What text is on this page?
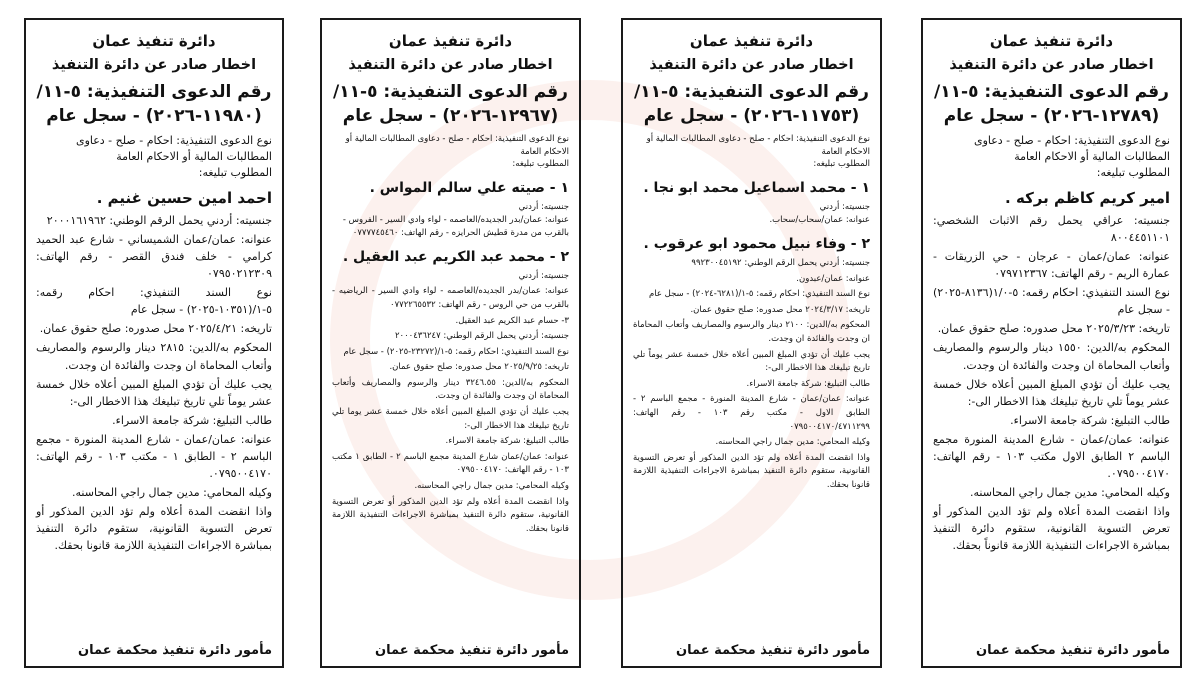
دائرة تنفيذ عمان
اخطار صادر عن دائرة التنفيذ
رقم الدعوى التنفيذية: ٥-١١/
(١٢٧٨٩-٢٠٢٦) - سجل عام

نوع الدعوى التنفيذية: احكام - صلح - دعاوى المطالبات المالية أو الاحكام العامة

المطلوب تبليغه:

امير كريم كاظم بركه .

جنسيته: عراقي يحمل رقم الاثبات الشخصي: ٨٠٠٤٤٥١١٠١

عنوانه: عمان/عمان - عرجان - حي الزريقات - عمارة الريم - رقم الهاتف: ٠٧٩٧١٢٣٦٧

نوع السند التنفيذي: احكام رقمه: ٥-١/٠(٨١٣٦-٢٠٢٥) - سجل عام

تاريخه: ٢٠٢٥/٣/٢٣ محل صدوره: صلح حقوق عمان.

المحكوم به/الدين: ١٥٥٠ دينار والرسوم والمصاريف وأتعاب المحاماة ان وجدت والفائدة ان وجدت.

يجب عليك أن تؤدي المبلغ المبين أعلاه خلال خمسة عشر يوماً تلي تاريخ تبليغك هذا الاخطار الى-:

طالب التبليغ: شركة جامعة الاسراء.

عنوانه: عمان/عمان - شارع المدينة المنورة مجمع الباسم ٢ الطابق الاول مكتب ١٠٣ - رقم الهاتف: ٠٧٩٥٠٠٤١٧٠.

وكيله المحامي: مدين جمال راجي المحاسنه.

واذا انقضت المدة أعلاه ولم تؤد الدين المذكور أو تعرض التسوية القانونية، ستقوم دائرة التنفيذ بمباشرة الاجراءات التنفيذية اللازمة قانوناً بحقك.

مأمور دائرة تنفيذ محكمة عمان
دائرة تنفيذ عمان
اخطار صادر عن دائرة التنفيذ
رقم الدعوى التنفيذية: ٥-١١/
(١١٧٥٣-٢٠٢٦) - سجل عام

نوع الدعوى التنفيذية: احكام - صلح - دعاوى المطالبات المالية أو الاحكام العامة

المطلوب تبليغه:

١ - محمد اسماعيل محمد ابو نجا .

جنسيته: أردني
عنوانه: عمان/سحاب/سحاب.

٢ - وفاء نبيل محمود ابو عرقوب .

جنسيته: أردني يحمل الرقم الوطني: ٩٩٢٣٠٠٤٥١٩٢

عنوانه: عمان/عبدون.

نوع السند التنفيذي: احكام رقمه: ٥-١/(٦٢٨١-٢٠٢٤) - سجل عام

تاريخه: ٢٠٢٤/٣/١٧ محل صدوره: صلح حقوق عمان.

المحكوم به/الدين: ٢١٠٠ دينار والرسوم والمصاريف وأتعاب المحاماة ان وجدت والفائدة ان وجدت.

يجب عليك أن تؤدي المبلغ المبين أعلاه خلال خمسة عشر يوماً تلي تاريخ تبليغك هذا الاخطار الى-:

طالب التبليغ: شركة جامعة الاسراء.

عنوانه: عمان/عمان - شارع المدينة المنورة - مجمع الباسم ٢ - الطابق الاول - مكتب رقم ١٠٣ - رقم الهاتف: ٠٧٩٥٠٠٤١٧٠/٤٧١١٢٩٩

وكيله المحامي: مدين جمال راجي المحاسنه.

واذا انقضت المدة أعلاه ولم تؤد الدين المذكور أو تعرض التسوية القانونية، ستقوم دائرة التنفيذ بمباشرة الاجراءات التنفيذية اللازمة قانونا بحقك.

مأمور دائرة تنفيذ محكمة عمان
دائرة تنفيذ عمان
اخطار صادر عن دائرة التنفيذ
رقم الدعوى التنفيذية: ٥-١١/
(١٢٩٦٧-٢٠٢٦) - سجل عام

نوع الدعوى التنفيذية: احكام - صلح - دعاوى المطالبات المالية أو الاحكام العامة

المطلوب تبليغه:

١ - صيته علي سالم المواس .

جنسيته: أردني
عنوانه: عمان/بدر الجديده/العاصمه - لواء وادي السير - الفروس - بالقرب من مدرة قطيش الحرايزه - رقم الهاتف: ٠٧٧٧٧٤٥٤٦٠

٢ - محمد عبد الكريم عبد العقيل .

جنسيته: أردني

عنوانه: عمان/بدر الجديده/العاصمه - لواء وادي السير - الرياضيه - بالقرب من حي الروس - رقم الهاتف: ٠٧٧٢٢٦٥٥٣٢

٣- حسام عبد الكريم عبد العقيل.

جنسيته: أردني يحمل الرقم الوطني: ٢٠٠٠٤٣٦٢٤٧

نوع السند التنفيذي: احكام رقمه: ٥-١/(٢٣٢٧٢-٢٠٢٥) - سجل عام

تاريخه: ٢٠٢٥/٩/٢٥ محل صدوره: صلح حقوق عمان.

المحكوم به/الدين: ٣٢٤٦.٥٥ دينار والرسوم والمصاريف وأتعاب المحاماة ان وجدت والفائدة ان وجدت.

يجب عليك أن تؤدي المبلغ المبين أعلاه خلال خمسة عشر يوما تلي تاريخ تبليغك هذا الاخطار الى-:

طالب التبليغ: شركة جامعة الاسراء.

عنوانه: عمان/عمان شارع المدينة مجمع الباسم ٢ - الطابق ١ مكتب ١٠٣ - رقم الهاتف: ٠٧٩٥٠٠٤١٧٠

وكيله المحامي: مدين جمال راجي المحاسنه.

واذا انقضت المدة أعلاه ولم تؤد الدين المذكور أو تعرض التسوية القانونية، ستقوم دائرة التنفيذ بمباشرة الاجراءات التنفيذية اللازمة قانونا بحقك.

مأمور دائرة تنفيذ محكمة عمان
دائرة تنفيذ عمان
اخطار صادر عن دائرة التنفيذ
رقم الدعوى التنفيذية: ٥-١١/
(١١٩٨٠-٢٠٢٦) - سجل عام

نوع الدعوى التنفيذية: احكام - صلح - دعاوى المطالبات المالية أو الاحكام العامة

المطلوب تبليغه:

احمد امين حسين غنيم .

جنسيته: أردني يحمل الرقم الوطني: ٢٠٠٠١٦١٩٦٢

عنوانه: عمان/عمان الشميساني - شارع عبد الحميد كرامي - خلف فندق القصر - رقم الهاتف: ٠٧٩٥٠٢١٢٣٠٩

نوع السند التنفيذي: احكام رقمه: ٥-١/(١٠٣٥١-٢٠٢٥) - سجل عام

تاريخه: ٢٠٢٥/٤/٢١ محل صدوره: صلح حقوق عمان.

المحكوم به/الدين: ٢٨١٥ دينار والرسوم والمصاريف وأتعاب المحاماة ان وجدت والفائدة ان وجدت.

يجب عليك أن تؤدي المبلغ المبين أعلاه خلال خمسة عشر يوماً تلي تاريخ تبليغك هذا الاخطار الى-:

طالب التبليغ: شركة جامعة الاسراء.

عنوانه: عمان/عمان - شارع المدينة المنورة - مجمع الباسم ٢ - الطابق ١ - مكتب ١٠٣ - رقم الهاتف: ٠٧٩٥٠٠٤١٧٠.

وكيله المحامي: مدين جمال راجي المحاسنه.

واذا انقضت المدة أعلاه ولم تؤد الدين المذكور أو تعرض التسوية القانونية، ستقوم دائرة التنفيذ بمباشرة الاجراءات التنفيذية اللازمة قانونا بحقك.

مأمور دائرة تنفيذ محكمة عمان
